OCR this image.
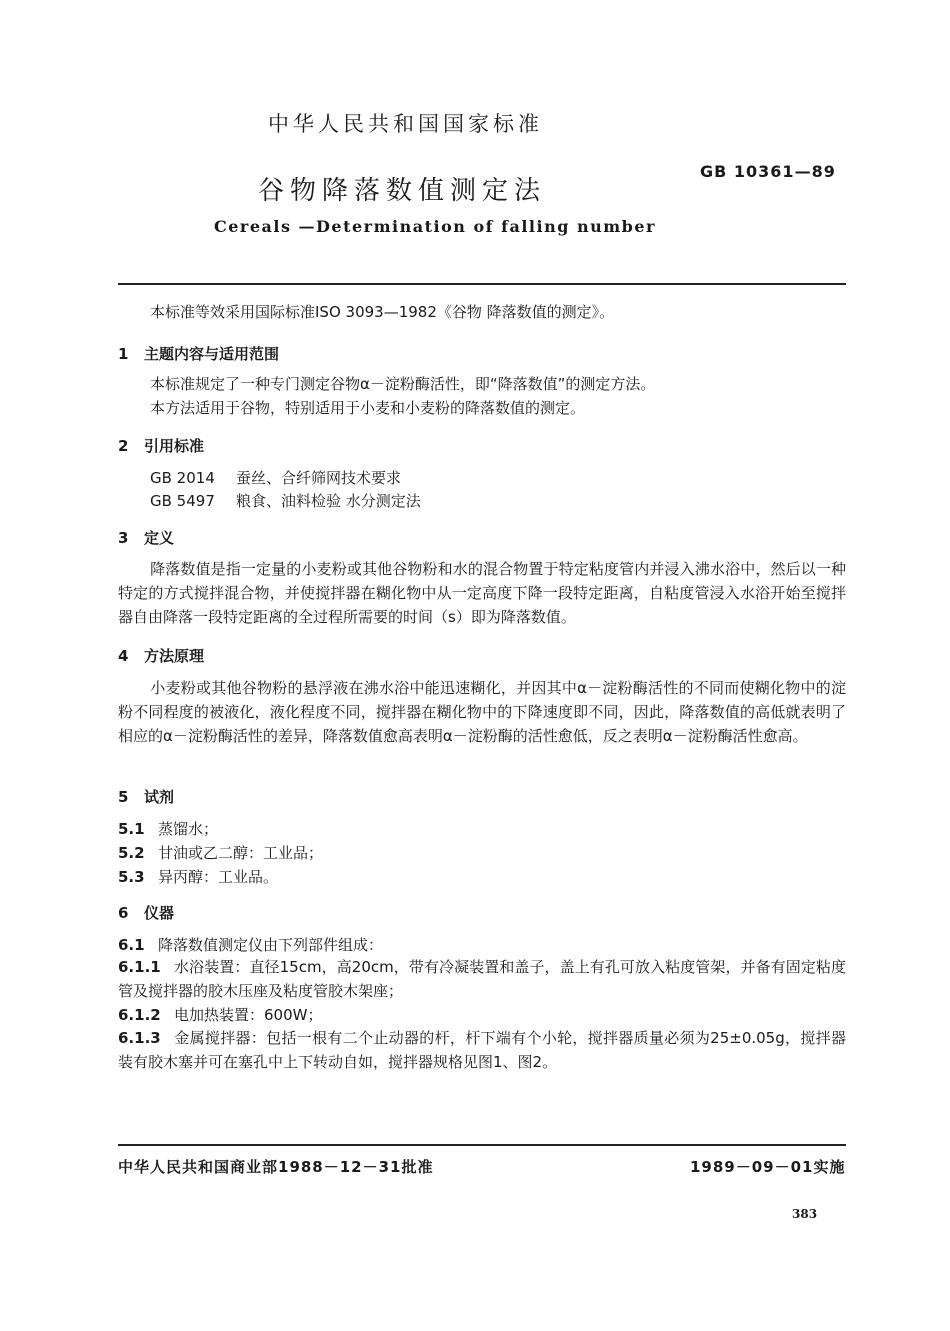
中华人民共和国国家标准
谷物降落数值测定法
GB 10361—89
Cereals —Determination of falling number
本标准等效采用国际标准ISO 3093—1982《谷物 降落数值的测定》。
1 主题内容与适用范围
本标准规定了一种专门测定谷物α－淀粉酶活性，即“降落数值”的测定方法。
本方法适用于谷物，特别适用于小麦和小麦粉的降落数值的测定。
2 引用标准
GB 2014 蚕丝、合纤筛网技术要求
GB 5497 粮食、油料检验 水分测定法
3 定义
降落数值是指一定量的小麦粉或其他谷物粉和水的混合物置于特定粘度管内并浸入沸水浴中，然后以一种特定的方式搅拌混合物，并使搅拌器在糊化物中从一定高度下降一段特定距离，自粘度管浸入水浴开始至搅拌器自由降落一段特定距离的全过程所需要的时间（s）即为降落数值。
4 方法原理
小麦粉或其他谷物粉的悬浮液在沸水浴中能迅速糊化，并因其中α－淀粉酶活性的不同而使糊化物中的淀粉不同程度的被液化，液化程度不同，搅拌器在糊化物中的下降速度即不同，因此，降落数值的高低就表明了相应的α－淀粉酶活性的差异，降落数值愈高表明α－淀粉酶的活性愈低，反之表明α－淀粉酶活性愈高。
5 试剂
5.1 蒸馏水；
5.2 甘油或乙二醇：工业品；
5.3 异丙醇：工业品。
6 仪器
6.1 降落数值测定仪由下列部件组成：
6.1.1 水浴装置：直径15cm，高20cm，带有冷凝装置和盖子，盖上有孔可放入粘度管架，并备有固定粘度管及搅拌器的胶木压座及粘度管胶木架座；
6.1.2 电加热装置：600W；
6.1.3 金属搅拌器：包括一根有二个止动器的杆，杆下端有个小轮，搅拌器质量必须为25±0.05g，搅拌器装有胶木塞并可在塞孔中上下转动自如，搅拌器规格见图1、图2。
中华人民共和国商业部1988－12－31批准	1989－09－01实施
383
